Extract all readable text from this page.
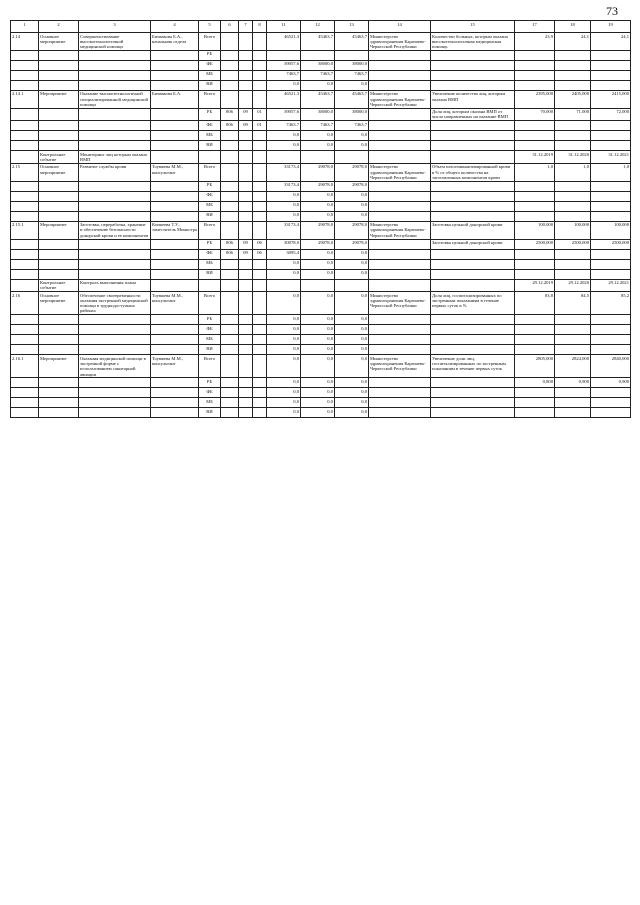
73
1	2	3	4	5	6	7	8	11	12	13	14	15	17	18	19
2.14	Основное мероприятие	Совершенствование высокотехнологичной медицинской помощи	Бичвакова Б.А., начальник отдела	Всего				46521,3	45463,7	45463,7	Министерство здравоохранения Карачаево-Черкесской Республики	Количество больных, которым оказана высокотехнологичная медицинская помощь	23,9	24,1	24,1
				РБ											
				ФБ				39057,6	38000,0	38000,0					
				МБ				7463,7	7463,7	7463,7					
				ВИ				0,0	0,0	0,0					
2.14.1	Мероприятие	Оказание высокотехнологичной специализированной медицинской помощи	Бичвакова Б.А.	Всего				46521,3	45463,7	45463,7	Министерство здравоохранения Карачаево-Черкесской Республики	Увеличение количества лиц, которым оказана ВМП	2395,000	2405,000	2415,000
				РБ	806	09	01	39057,6	38000,0	38000,0		Доля лиц, которым оказана ВМП от числа направленных на оказание ВМП	70,000	71,000	72,000
				ФБ	806	09	01	7463,7	7463,7	7463,7					
				МБ				0,0	0,0	0,0					
				ВИ				0,0	0,0	0,0					
	Контрольное событие	Мониторинг лиц которым оказана ВМП											31.12.2019	31.12.2020	31.12.2021
2.15	Основное мероприятие	Развитие службы крови	Тоувжева М.М., консультант	Всего				33173,4	29078,0	29078,0	Министерство здравоохранения Карачаево-Черкесской Республики	Объем патогенинактивированной крови в % от общего количества на заготовленных компонентов крови	1,0	1,0	1,0
				РБ				33173,4	29078,0	29078,0					
				ФБ				0,0	0,0	0,0					
				МБ				0,0	0,0	0,0					
				ВИ				0,0	0,0	0,0					
2.15.1	Мероприятие	Заготовка, переработка, хранение и обеспечение безопасности донорской крови и ее компонентов	Кипкеева Т.У., заместитель Министра	Всего				33173,4	29078,0	29078,0	Министерство здравоохранения Карачаево-Черкесской Республики	Заготовка цельной донорской крови	100,000	100,000	100,000
				РБ	806	09	06	30078,0	29078,0	29078,0		Заготовка цельной донорской крови	2500,000	2500,000	2500,000
				ФБ	806	09	06	3095,4	0,0	0,0					
				МБ				0,0	0,0	0,0					
				ВИ				0,0	0,0	0,0					
	Контрольное событие	Контроль выполнения плана											29.12.2019	29.12.2020	29.12.2021
2.16	Основное мероприятие	Обеспечение своевременности оказания экстренной медицинской помощи в труднодоступных районах	Тоувжева М.М., консультант	Всего				0,0	0,0	0,0	Министерство здравоохранения Карачаево-Черкесской Республики	Доля лиц, госпитализированных по экстренным показаниям в течение первых суток в %	83,8	84,5	85,2
				РБ				0,0	0,0	0,0					
				ФБ				0,0	0,0	0,0					
				МБ				0,0	0,0	0,0					
				ВИ				0,0	0,0	0,0					
2.16.1	Мероприятие	Оказания медицинской помощи в экстренной форме с использованием санитарной авиации	Тоувжева М.М., консультант	Всего				0,0	0,0	0,0	Министерство здравоохранения Карачаево-Черкесской Республики	Увеличение доли лиц, госпитализированных по экстренным показаниям в течение первых суток	2805,000	2824,000	2840,000
				РБ				0,0	0,0	0,0			0,800	0,900	0,900
				ФБ				0,0	0,0	0,0					
				МБ				0,0	0,0	0,0					
				ВИ				0,0	0,0	0,0					
